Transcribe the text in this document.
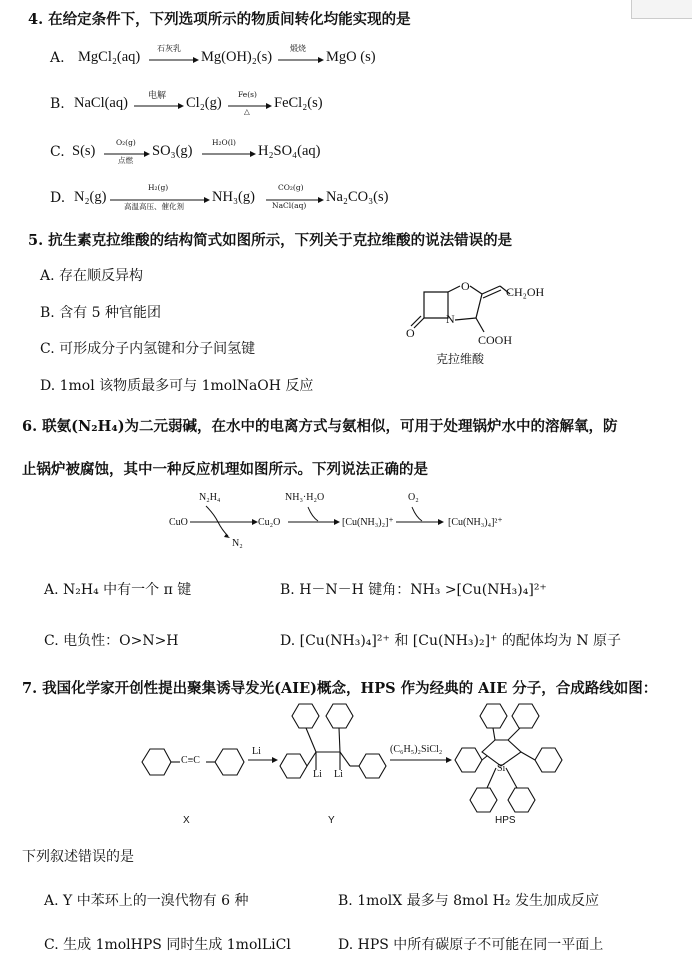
4. 在给定条件下，下列选项所示的物质间转化均能实现的是
A. MgCl₂(aq)
石灰乳
Mg(OH)₂(s)
煅烧
MgO (s)
B. NaCl(aq) 电解 Cl₂(g)
Fe(s)
△
FeCl₂(s)
C. S(s)
O₂(g)
点燃
SO₃(g)
H₂O(l)
H₂SO₄(aq)
D. N₂(g)
H₂(g)
高温高压、催化剂
NH₃(g)
CO₂(g)
NaCl(aq)
Na₂CO₃(s)
5. 抗生素克拉维酸的结构简式如图所示，下列关于克拉维酸的说法错误的是
A. 存在顺反异构
B. 含有 5 种官能团
C. 可形成分子内氢键和分子间氢键
D. 1mol 该物质最多可与 1molNaOH 反应
CH₂OH
O
N
O	COOH
克拉维酸
6. 联氨(N₂H₄)为二元弱碱，在水中的电离方式与氨相似，可用于处理锅炉水中的溶解氧，防
止锅炉被腐蚀，其中一种反应机理如图所示。下列说法正确的是
N₂H₄
CuO
N₂
Cu₂O
NH₃·H₂O
[Cu(NH₃)₂]⁺
O₂
[Cu(NH₃)₄]²⁺
A. N₂H₄ 中有一个 π 键	B. H－N－H 键角：NH₃ >[Cu(NH₃)₄]²⁺
C. 电负性：O>N>H	D. [Cu(NH₃)₄]²⁺ 和 [Cu(NH₃)₂]⁺ 的配体均为 N 原子
7. 我国化学家开创性提出聚集诱导发光(AIE)概念，HPS 作为经典的 AIE 分子，合成路线如图：
C≡C
Li
Li Li
(C₆H₅)₂SiCl₂
Si
X	Y	HPS
下列叙述错误的是
A. Y 中苯环上的一溴代物有 6 种	B. 1molX 最多与 8mol H₂ 发生加成反应
C. 生成 1molHPS 同时生成 1molLiCl	D. HPS 中所有碳原子不可能在同一平面上
